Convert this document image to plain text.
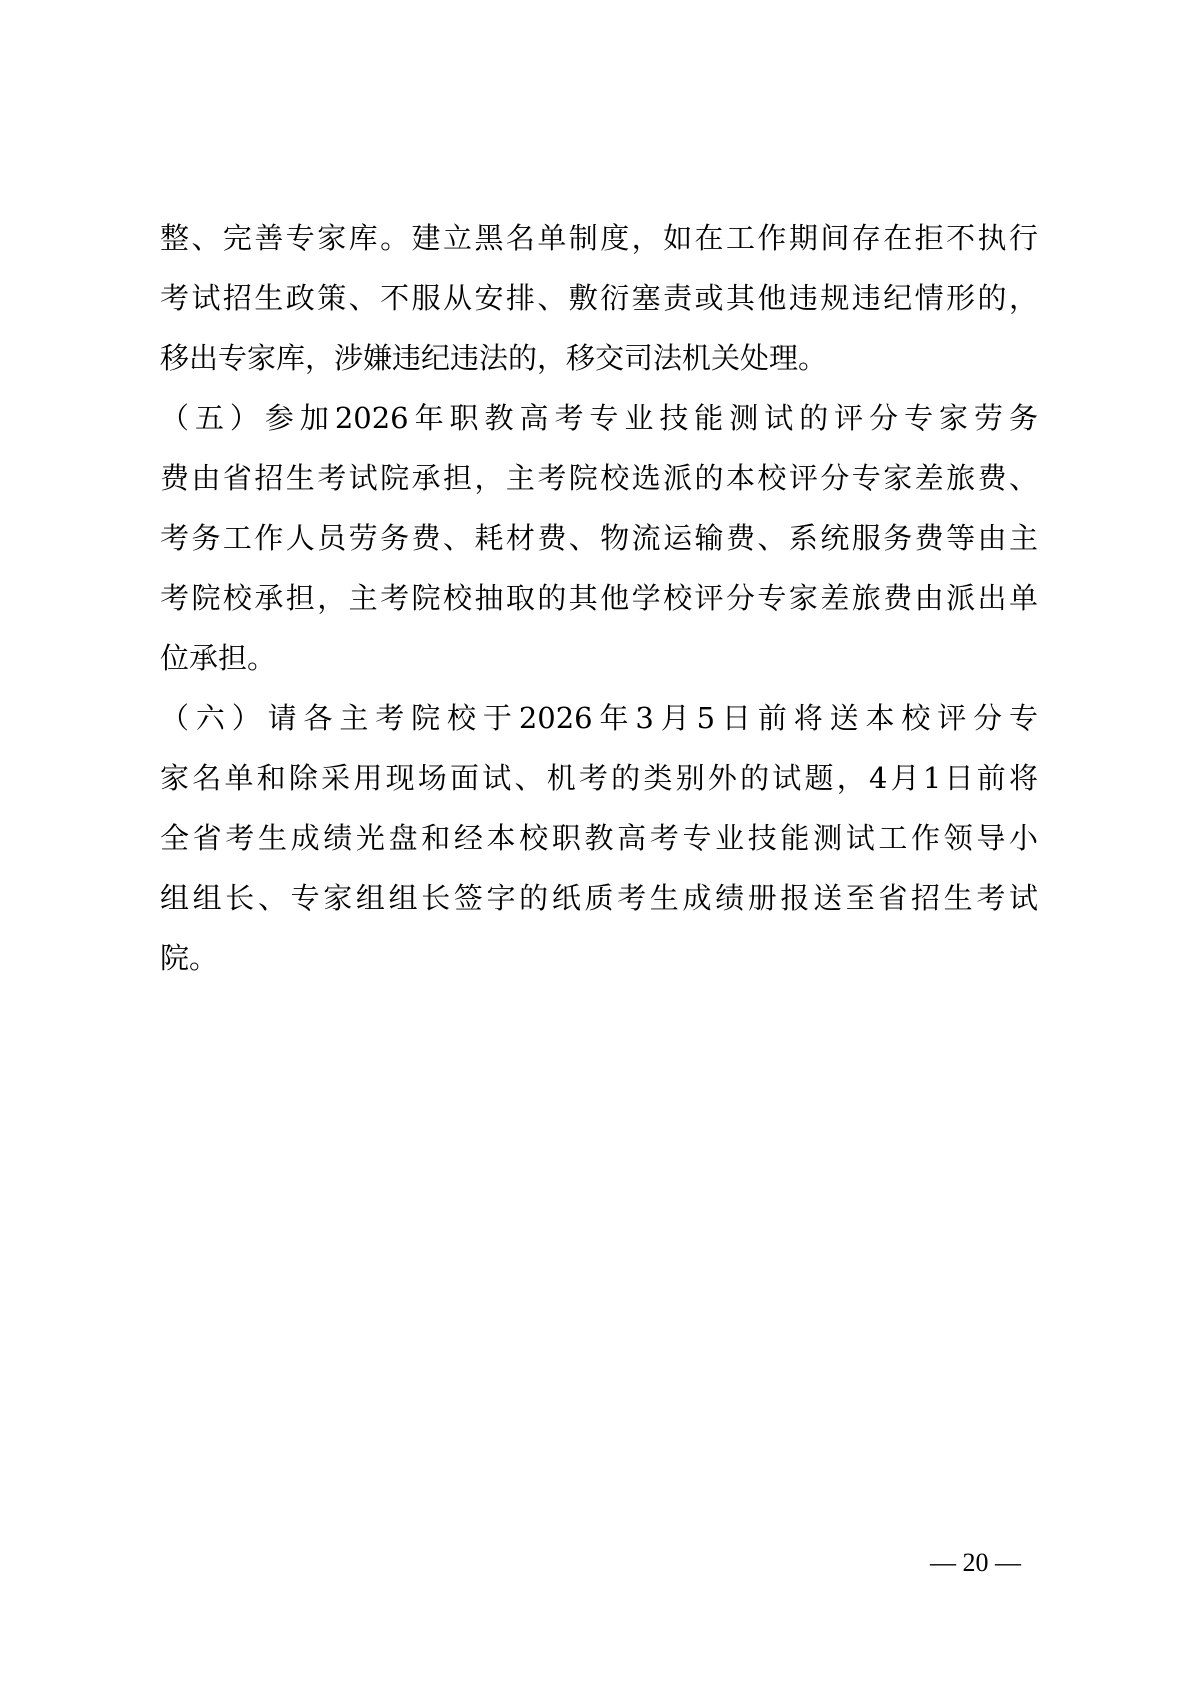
整、完善专家库。建立黑名单制度，如在工作期间存在拒不执行
考试招生政策、不服从安排、敷衍塞责或其他违规违纪情形的，
移出专家库，涉嫌违纪违法的，移交司法机关处理。
（五）参加2026年职教高考专业技能测试的评分专家劳务
费由省招生考试院承担，主考院校选派的本校评分专家差旅费、
考务工作人员劳务费、耗材费、物流运输费、系统服务费等由主
考院校承担，主考院校抽取的其他学校评分专家差旅费由派出单
位承担。
（六）请各主考院校于2026年3月5日前将送本校评分专
家名单和除采用现场面试、机考的类别外的试题，4月1日前将
全省考生成绩光盘和经本校职教高考专业技能测试工作领导小
组组长、专家组组长签字的纸质考生成绩册报送至省招生考试
院。
— 20 —
